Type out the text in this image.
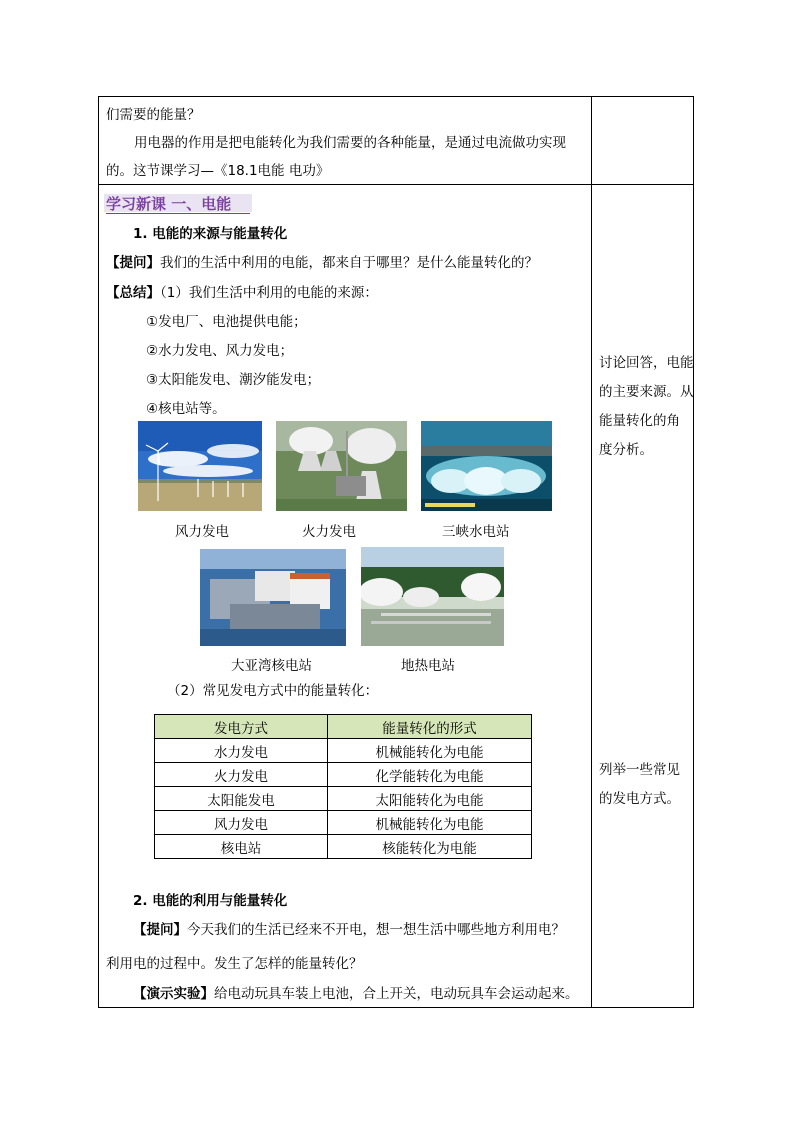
们需要的能量？
用电器的作用是把电能转化为我们需要的各种能量，是通过电流做功实现
的。这节课学习—《18.1电能 电功》
学习新课 一、电能
1. 电能的来源与能量转化
【提问】我们的生活中利用的电能，都来自于哪里？是什么能量转化的？
【总结】（1）我们生活中利用的电能的来源：
①发电厂、电池提供电能；
②水力发电、风力发电；
③太阳能发电、潮汐能发电；
④核电站等。
风力发电	火力发电	三峡水电站
大亚湾核电站	地热电站
（2）常见发电方式中的能量转化：
发电方式	能量转化的形式
水力发电	机械能转化为电能
火力发电	化学能转化为电能
太阳能发电	太阳能转化为电能
风力发电	机械能转化为电能
核电站	核能转化为电能
2. 电能的利用与能量转化
【提问】今天我们的生活已经来不开电，想一想生活中哪些地方利用电？
利用电的过程中。发生了怎样的能量转化？
【演示实验】给电动玩具车装上电池，合上开关，电动玩具车会运动起来。
讨论回答，电能
的主要来源。从
能量转化的角
度分析。
列举一些常见
的发电方式。
